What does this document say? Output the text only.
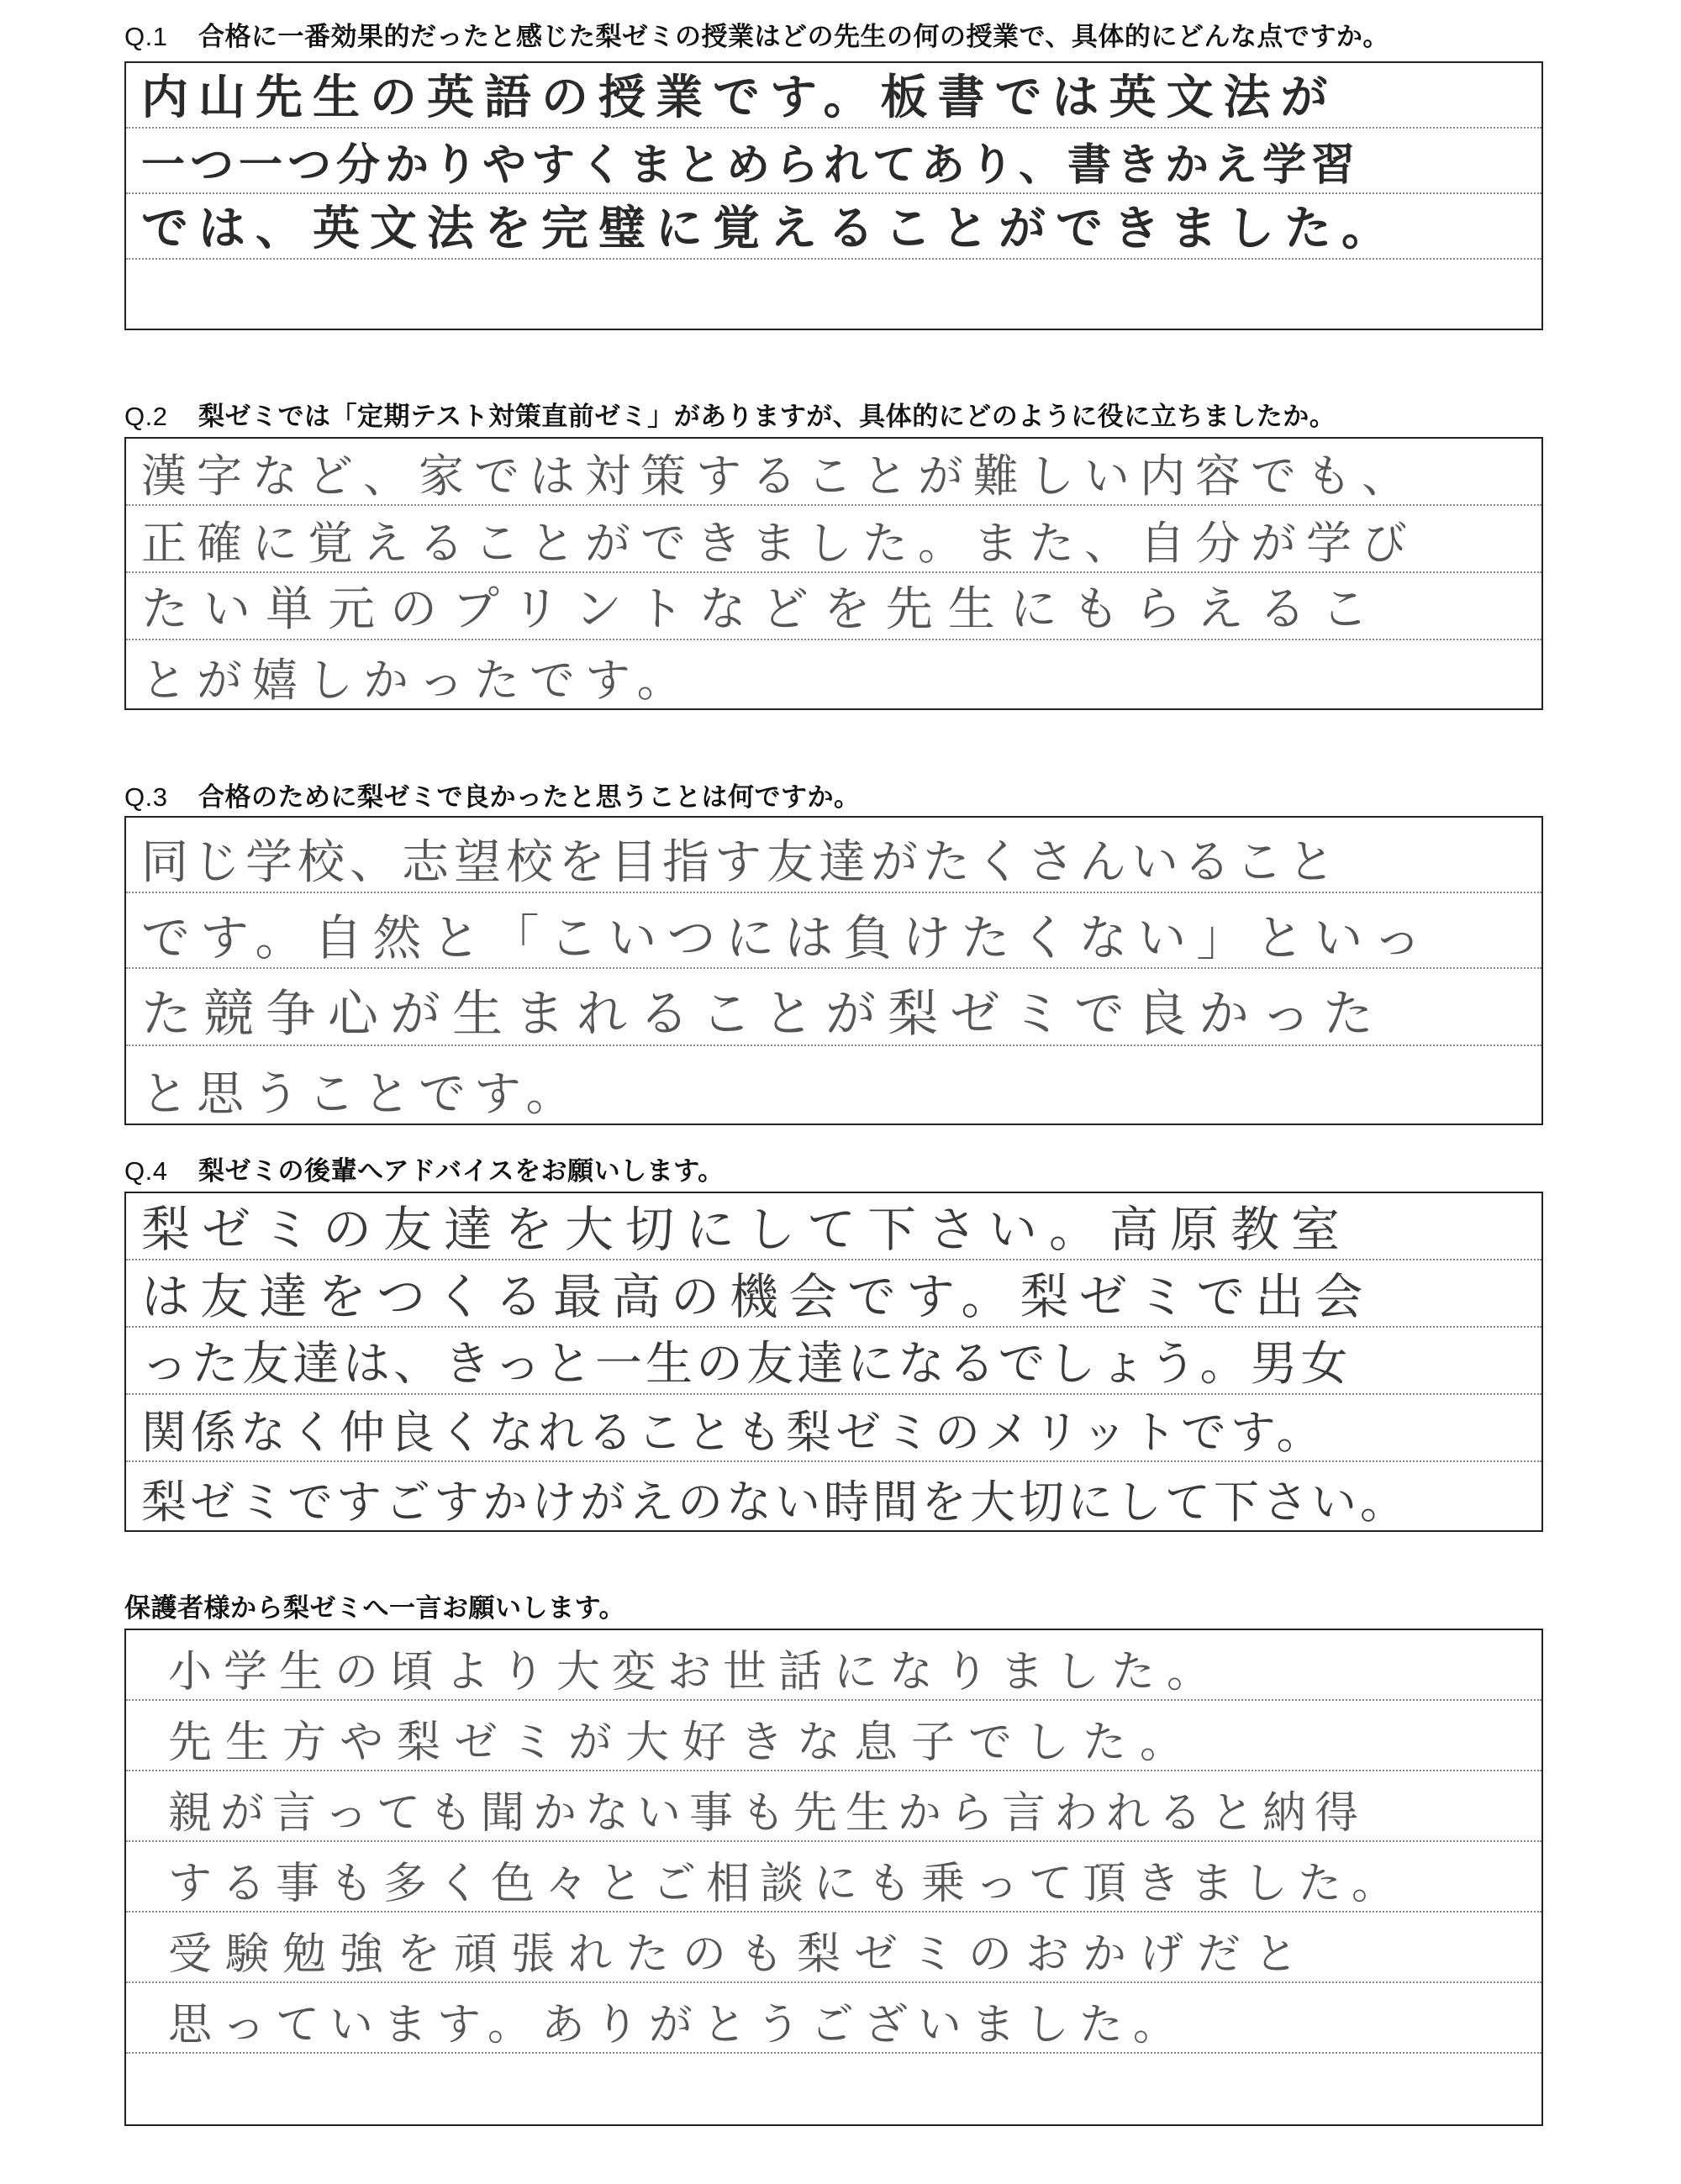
Q.1 合格に一番効果的だったと感じた梨ゼミの授業はどの先生の何の授業で、具体的にどんな点ですか。
内山先生の英語の授業です。板書では英文法が
一つ一つ分かりやすくまとめられてあり、書きかえ学習
では、英文法を完璧に覚えることができました。
Q.2 梨ゼミでは「定期テスト対策直前ゼミ」がありますが、具体的にどのように役に立ちましたか。
漢字など、家では対策することが難しい内容でも、
正確に覚えることができました。また、自分が学び
たい単元のプリントなどを先生にもらえるこ
とが嬉しかったです。
Q.3 合格のために梨ゼミで良かったと思うことは何ですか。
同じ学校、志望校を目指す友達がたくさんいること
です。自然と「こいつには負けたくない」といっ
た競争心が生まれることが梨ゼミで良かった
と思うことです。
Q.4 梨ゼミの後輩へアドバイスをお願いします。
梨ゼミの友達を大切にして下さい。高原教室
は友達をつくる最高の機会です。梨ゼミで出会
った友達は、きっと一生の友達になるでしょう。男女
関係なく仲良くなれることも梨ゼミのメリットです。
梨ゼミですごすかけがえのない時間を大切にして下さい。
保護者様から梨ゼミへ一言お願いします。
小学生の頃より大変お世話になりました。
先生方や梨ゼミが大好きな息子でした。
親が言っても聞かない事も先生から言われると納得
する事も多く色々とご相談にも乗って頂きました。
受験勉強を頑張れたのも梨ゼミのおかげだと
思っています。ありがとうございました。
